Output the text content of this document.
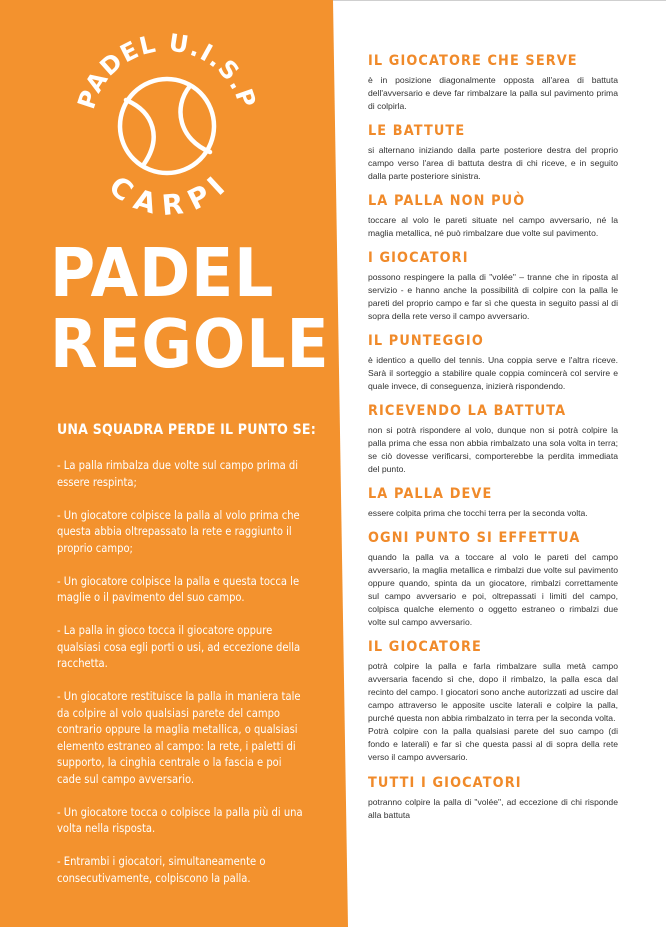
PADEL U.I.S.P
CARPI
PADEL
REGOLE
UNA SQUADRA PERDE IL PUNTO SE:
- La palla rimbalza due volte sul campo prima di essere respinta;
- Un giocatore colpisce la palla al volo prima che questa abbia oltrepassato la rete e raggiunto il proprio campo;
- Un giocatore colpisce la palla e questa tocca le maglie o il pavimento del suo campo.
- La palla in gioco tocca il giocatore oppure qualsiasi cosa egli porti o usi, ad eccezione della racchetta.
- Un giocatore restituisce la palla in maniera tale da colpire al volo qualsiasi parete del campo contrario oppure la maglia metallica, o qualsiasi elemento estraneo al campo: la rete, i paletti di supporto, la cinghia centrale o la fascia e poi cade sul campo avversario.
- Un giocatore tocca o colpisce la palla più di una volta nella risposta.
- Entrambi i giocatori, simultaneamente o consecutivamente, colpiscono la palla.
IL GIOCATORE CHE SERVE

è in posizione diagonalmente opposta all'area di battuta dell'avversario e deve far rimbalzare la palla sul pavimento prima di colpirla.

LE BATTUTE

si alternano iniziando dalla parte posteriore destra del proprio campo verso l'area di battuta destra di chi riceve, e in seguito dalla parte posteriore sinistra.

LA PALLA NON PUÒ

toccare al volo le pareti situate nel campo avversario, né la maglia metallica, né può rimbalzare due volte sul pavimento.

I GIOCATORI

possono respingere la palla di "volée" – tranne che in riposta al servizio - e hanno anche la possibilità di colpire con la palla le pareti del proprio campo e far sì che questa in seguito passi al di sopra della rete verso il campo avversario.

IL PUNTEGGIO

è identico a quello del tennis. Una coppia serve e l'altra riceve. Sarà il sorteggio a stabilire quale coppia comincerà col servire e quale invece, di conseguenza, inizierà rispondendo.

RICEVENDO LA BATTUTA

non si potrà rispondere al volo, dunque non si potrà colpire la palla prima che essa non abbia rimbalzato una sola volta in terra; se ciò dovesse verificarsi, comporterebbe la perdita immediata del punto.

LA PALLA DEVE

essere colpita prima che tocchi terra per la seconda volta.

OGNI PUNTO SI EFFETTUA

quando la palla va a toccare al volo le pareti del campo avversario, la maglia metallica e rimbalzi due volte sul pavimento oppure quando, spinta da un giocatore, rimbalzi correttamente sul campo avversario e poi, oltrepassati i limiti del campo, colpisca qualche elemento o oggetto estraneo o rimbalzi due volte sul campo avversario.

IL GIOCATORE

potrà colpire la palla e farla rimbalzare sulla metà campo avversaria facendo sì che, dopo il rimbalzo, la palla esca dal recinto del campo. I giocatori sono anche autorizzati ad uscire dal campo attraverso le apposite uscite laterali e colpire la palla, purché questa non abbia rimbalzato in terra per la seconda volta.

Potrà colpire con la palla qualsiasi parete del suo campo (di fondo e laterali) e far sì che questa passi al di sopra della rete verso il campo avversario.

TUTTI I GIOCATORI

potranno colpire la palla di "volée", ad eccezione di chi risponde alla battuta
